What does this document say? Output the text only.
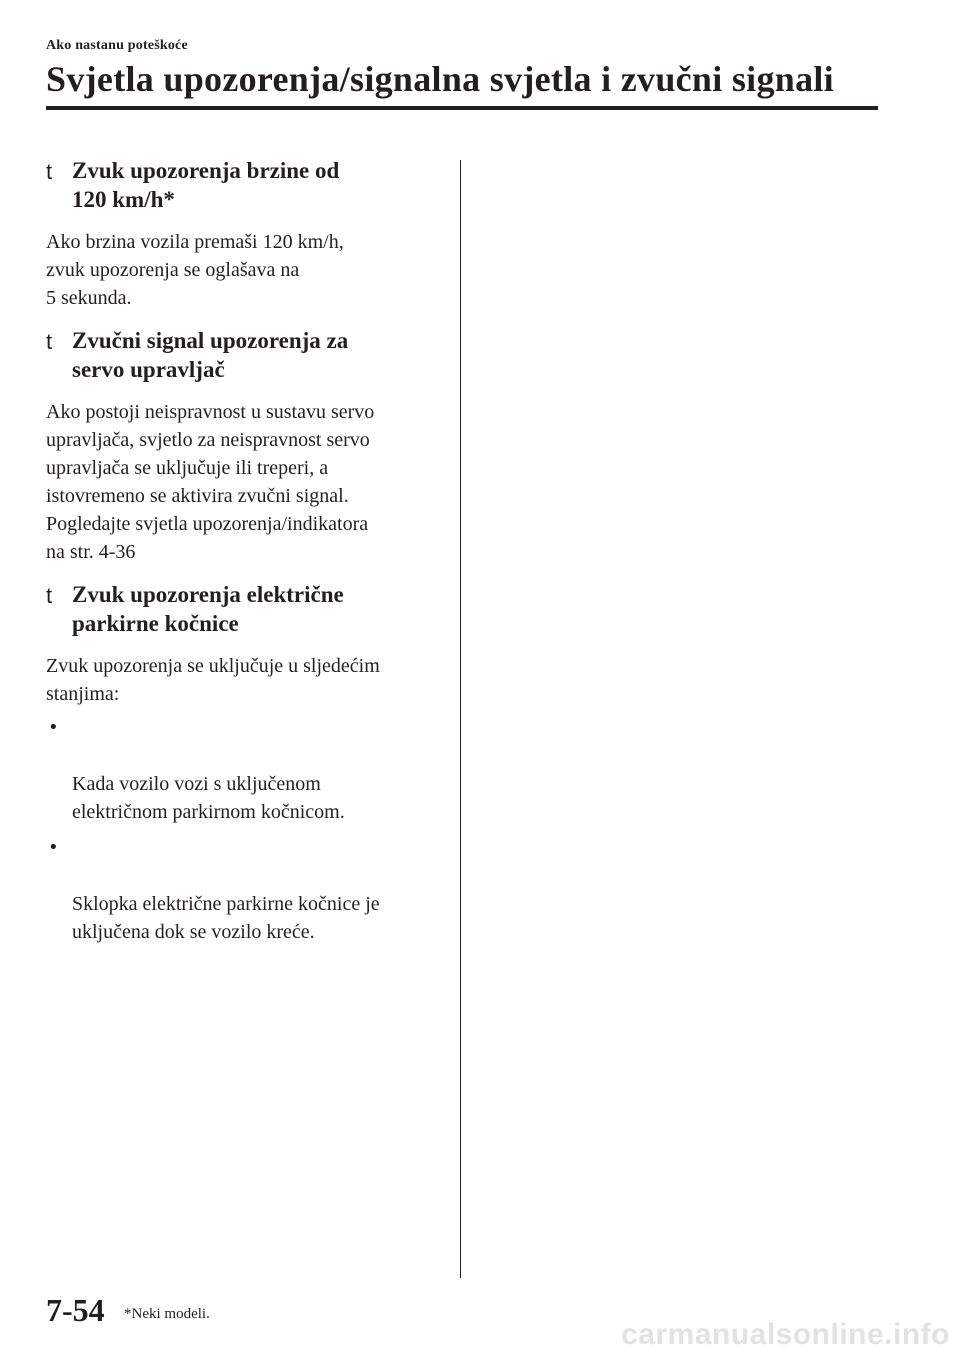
Ako nastanu poteškoće
Svjetla upozorenja/signalna svjetla i zvučni signali
t Zvuk upozorenja brzine od
120 km/h*

Ako brzina vozila premaši 120 km/h,
zvuk upozorenja se oglašava na
5 sekunda.

t Zvučni signal upozorenja za
servo upravljač

Ako postoji neispravnost u sustavu servo
upravljača, svjetlo za neispravnost servo
upravljača se uključuje ili treperi, a
istovremeno se aktivira zvučni signal.
Pogledajte svjetla upozorenja/indikatora
na str. 4-36

t Zvuk upozorenja električne
parkirne kočnice

Zvuk upozorenja se uključuje u sljedećim
stanjima:

•

Kada vozilo vozi s uključenom
električnom parkirnom kočnicom.

•

Sklopka električne parkirne kočnice je
uključena dok se vozilo kreće.

7-54 *Neki modeli.
carmanualsonline.info
